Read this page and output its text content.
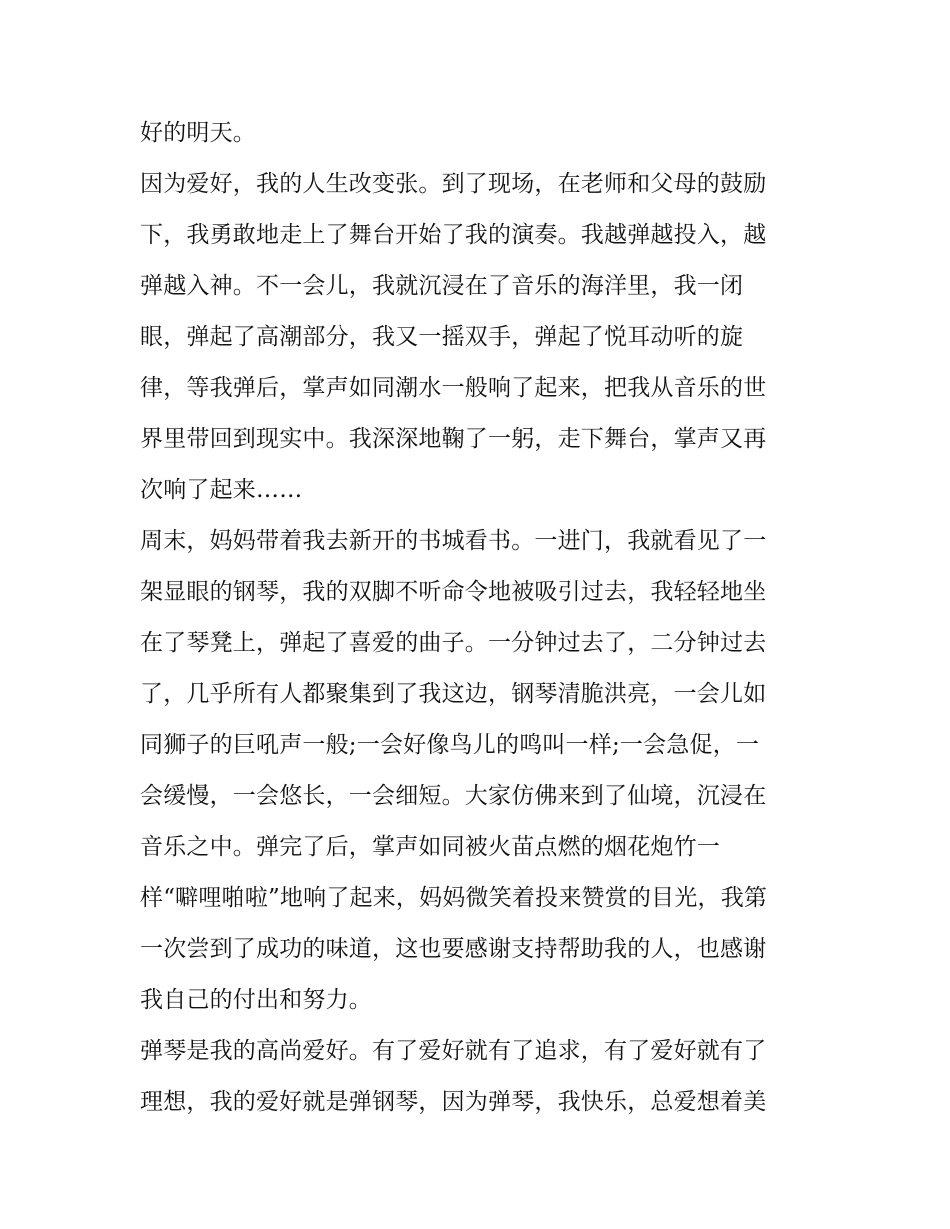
好的明天。
因为爱好，我的人生改变张。到了现场，在老师和父母的鼓励
下，我勇敢地走上了舞台开始了我的演奏。我越弹越投入，越
弹越入神。不一会儿，我就沉浸在了音乐的海洋里，我一闭
眼，弹起了高潮部分，我又一摇双手，弹起了悦耳动听的旋
律，等我弹后，掌声如同潮水一般响了起来，把我从音乐的世
界里带回到现实中。我深深地鞠了一躬，走下舞台，掌声又再
次响了起来……
周末，妈妈带着我去新开的书城看书。一进门，我就看见了一
架显眼的钢琴，我的双脚不听命令地被吸引过去，我轻轻地坐
在了琴凳上，弹起了喜爱的曲子。一分钟过去了，二分钟过去
了，几乎所有人都聚集到了我这边，钢琴清脆洪亮，一会儿如
同狮子的巨吼声一般;一会好像鸟儿的鸣叫一样;一会急促，一
会缓慢，一会悠长，一会细短。大家仿佛来到了仙境，沉浸在
音乐之中。弹完了后，掌声如同被火苗点燃的烟花炮竹一
样“噼哩啪啦”地响了起来，妈妈微笑着投来赞赏的目光，我第
一次尝到了成功的味道，这也要感谢支持帮助我的人，也感谢
我自己的付出和努力。
弹琴是我的高尚爱好。有了爱好就有了追求，有了爱好就有了
理想，我的爱好就是弹钢琴，因为弹琴，我快乐，总爱想着美
